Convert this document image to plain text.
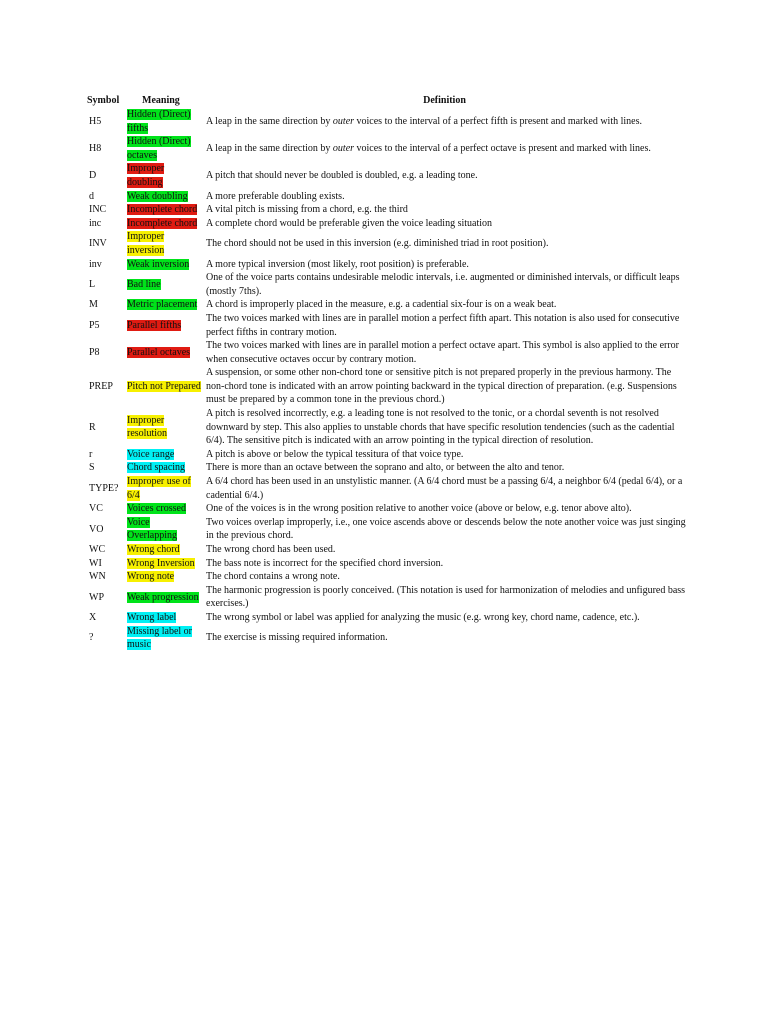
Symbol	Meaning	Definition
H5	Hidden (Direct) fifths	A leap in the same direction by outer voices to the interval of a perfect fifth is present and marked with lines.
H8	Hidden (Direct) octaves	A leap in the same direction by outer voices to the interval of a perfect octave is present and marked with lines.
D	Improper doubling	A pitch that should never be doubled is doubled, e.g. a leading tone.
d	Weak doubling	A more preferable doubling exists.
INC	Incomplete chord	A vital pitch is missing from a chord, e.g. the third
inc	Incomplete chord	A complete chord would be preferable given the voice leading situation
INV	Improper inversion	The chord should not be used in this inversion (e.g. diminished triad in root position).
inv	Weak inversion	A more typical inversion (most likely, root position) is preferable.
L	Bad line	One of the voice parts contains undesirable melodic intervals, i.e. augmented or diminished intervals, or difficult leaps (mostly 7ths).
M	Metric placement	A chord is improperly placed in the measure, e.g. a cadential six-four is on a weak beat.
P5	Parallel fifths	The two voices marked with lines are in parallel motion a perfect fifth apart. This notation is also used for consecutive perfect fifths in contrary motion.
P8	Parallel octaves	The two voices marked with lines are in parallel motion a perfect octave apart. This symbol is also applied to the error when consecutive octaves occur by contrary motion.
PREP	Pitch not Prepared	A suspension, or some other non-chord tone or sensitive pitch is not prepared properly in the previous harmony. The non-chord tone is indicated with an arrow pointing backward in the typical direction of preparation. (e.g. Suspensions must be prepared by a common tone in the previous chord.)
R	Improper resolution	A pitch is resolved incorrectly, e.g. a leading tone is not resolved to the tonic, or a chordal seventh is not resolved downward by step. This also applies to unstable chords that have specific resolution tendencies (such as the cadential 6/4). The sensitive pitch is indicated with an arrow pointing in the typical direction of resolution.
r	Voice range	A pitch is above or below the typical tessitura of that voice type.
S	Chord spacing	There is more than an octave between the soprano and alto, or between the alto and tenor.
TYPE?	Improper use of 6/4	A 6/4 chord has been used in an unstylistic manner. (A 6/4 chord must be a passing 6/4, a neighbor 6/4 (pedal 6/4), or a cadential 6/4.)
VC	Voices crossed	One of the voices is in the wrong position relative to another voice (above or below, e.g. tenor above alto).
VO	Voice Overlapping	Two voices overlap improperly, i.e., one voice ascends above or descends below the note another voice was just singing in the previous chord.
WC	Wrong chord	The wrong chord has been used.
WI	Wrong Inversion	The bass note is incorrect for the specified chord inversion.
WN	Wrong note	The chord contains a wrong note.
WP	Weak progression	The harmonic progression is poorly conceived. (This notation is used for harmonization of melodies and unfigured bass exercises.)
X	Wrong label	The wrong symbol or label was applied for analyzing the music (e.g. wrong key, chord name, cadence, etc.).
?	Missing label or music	The exercise is missing required information.
